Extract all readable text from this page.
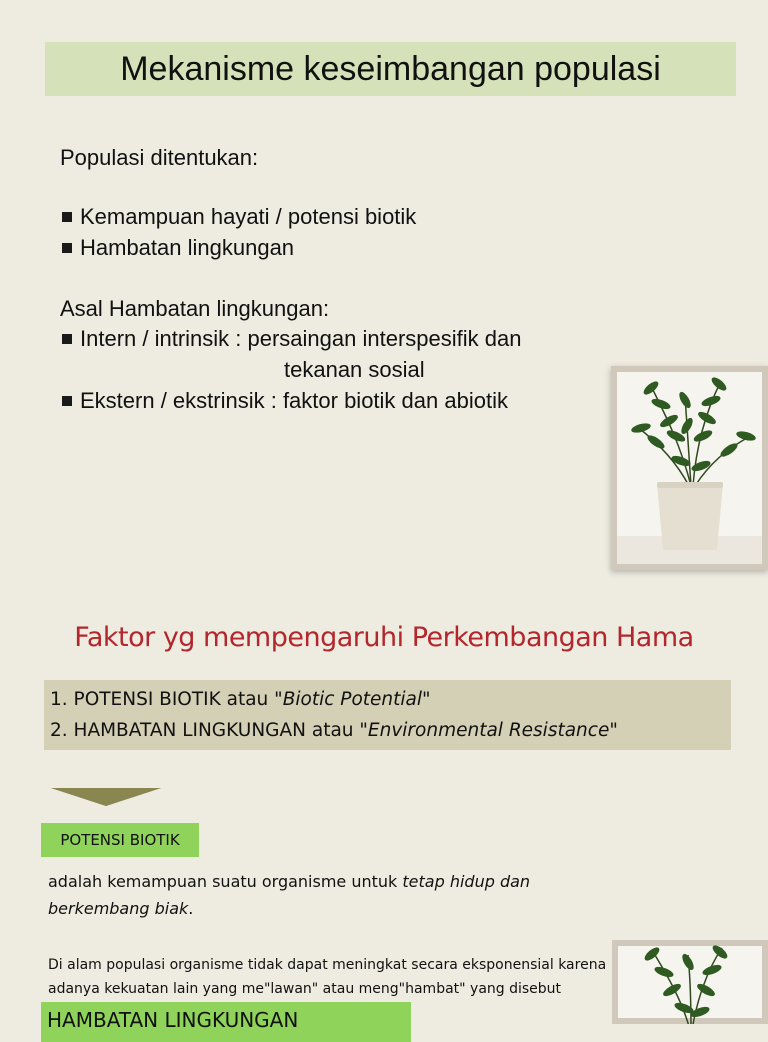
Mekanisme keseimbangan populasi
Populasi ditentukan:
Kemampuan hayati / potensi biotik
Hambatan lingkungan
Asal Hambatan lingkungan:
Intern / intrinsik : persaingan interspesifik dan
tekanan sosial
Ekstern / ekstrinsik : faktor biotik dan abiotik
Faktor yg mempengaruhi Perkembangan Hama
1. POTENSI BIOTIK atau "Biotic Potential"
2. HAMBATAN LINGKUNGAN atau "Environmental Resistance"
POTENSI BIOTIK
adalah kemampuan suatu organisme untuk tetap hidup dan
berkembang biak.
Di alam populasi organisme tidak dapat meningkat secara eksponensial karena
adanya kekuatan lain yang me"lawan" atau meng"hambat" yang disebut
HAMBATAN LINGKUNGAN
